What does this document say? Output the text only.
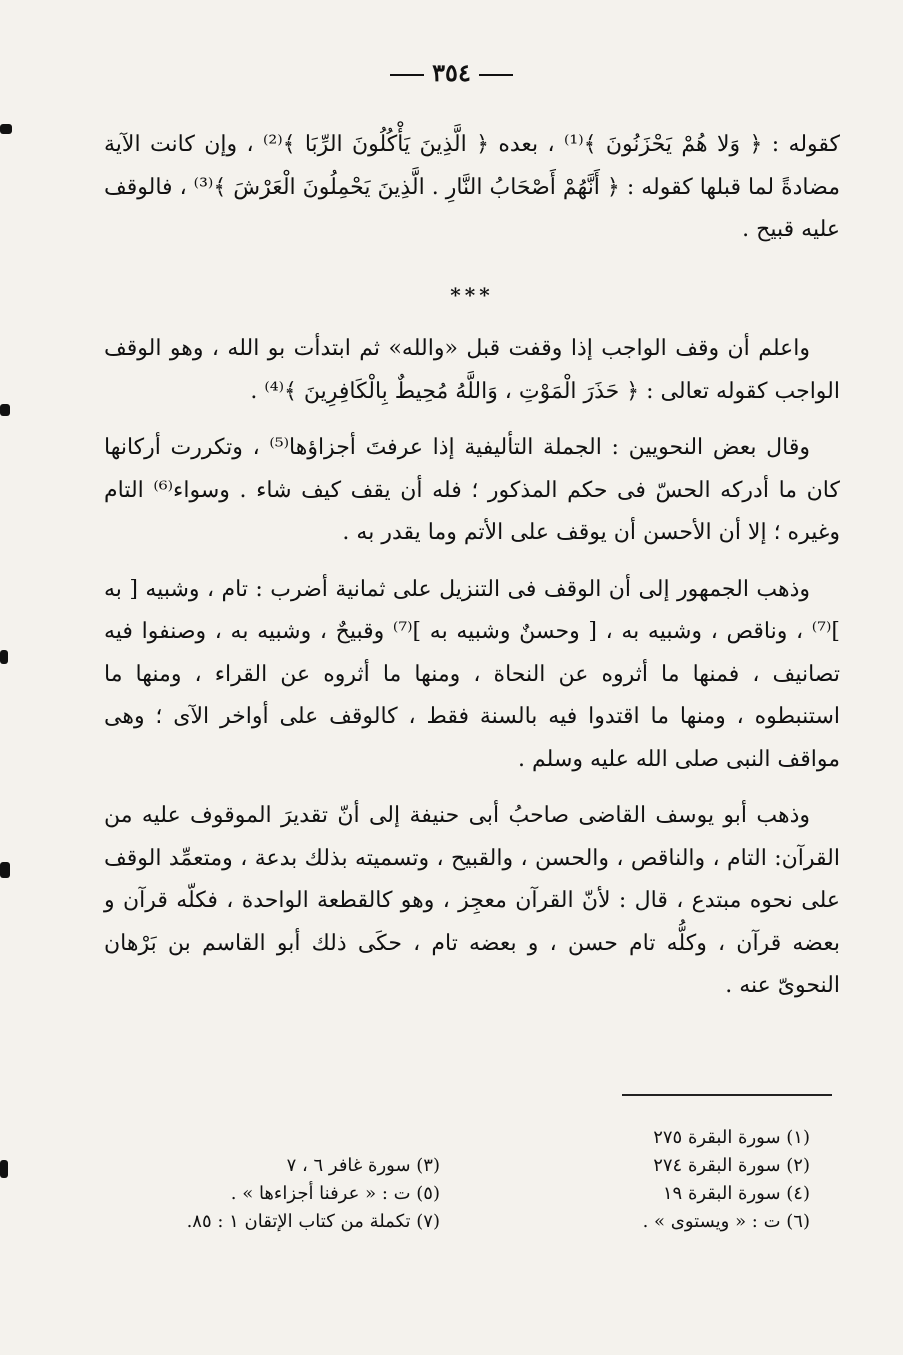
٣٥٤

كقوله : ﴿ وَلا هُمْ يَحْزَنُونَ ﴾⁽¹⁾ ، بعده ﴿ الَّذِينَ يَأْكُلُونَ الرِّبَا ﴾⁽²⁾ ، وإن كانت الآية مضادةً لما قبلها كقوله : ﴿ أَنَّهُمْ أَصْحَابُ النَّارِ . الَّذِينَ يَحْمِلُونَ الْعَرْشَ ﴾⁽³⁾ ، فالوقف عليه قبيح .

***

واعلم أن وقف الواجب إذا وقفت قبل «والله» ثم ابتدأت بو الله ، وهو الوقف الواجب كقوله تعالى : ﴿ حَذَرَ الْمَوْتِ ، وَاللَّهُ مُحِيطٌ بِالْكَافِرِينَ ﴾⁽⁴⁾ .

وقال بعض النحويين : الجملة التأليفية إذا عرفتَ أجزاؤها⁽⁵⁾ ، وتكررت أركانها كان ما أدركه الحسّ فى حكم المذكور ؛ فله أن يقف كيف شاء . وسواء⁽⁶⁾ التام وغيره ؛ إلا أن الأحسن أن يوقف على الأتم وما يقدر به .

وذهب الجمهور إلى أن الوقف فى التنزيل على ثمانية أضرب : تام ، وشبيه [ به ]⁽⁷⁾ ، وناقص ، وشبيه به ، [ وحسنٌ وشبيه به ]⁽⁷⁾ وقبيحٌ ، وشبيه به ، وصنفوا فيه تصانيف ، فمنها ما أثروه عن النحاة ، ومنها ما أثروه عن القراء ، ومنها ما استنبطوه ، ومنها ما اقتدوا فيه بالسنة فقط ، كالوقف على أواخر الآى ؛ وهى مواقف النبى صلى الله عليه وسلم .

وذهب أبو يوسف القاضى صاحبُ أبى حنيفة إلى أنّ تقديرَ الموقوف عليه من القرآن: التام ، والناقص ، والحسن ، والقبيح ، وتسميته بذلك بدعة ، ومتعمِّد الوقف على نحوه مبتدع ، قال : لأنّ القرآن معجِز ، وهو كالقطعة الواحدة ، فكلّه قرآن و بعضه قرآن ، وكلُّه تام حسن ، و بعضه تام ، حكَى ذلك أبو القاسم بن بَرْهان النحوىّ عنه .

(١) سورة البقرة ٢٧٥
(٢) سورة البقرة ٢٧٤
(٤) سورة البقرة ١٩
(٦) ت : « ويستوى » .
(٣) سورة غافر ٦ ، ٧
(٥) ت : « عرفنا أجزاءها » .
(٧) تكملة من كتاب الإتقان ١ : ٨٥.
